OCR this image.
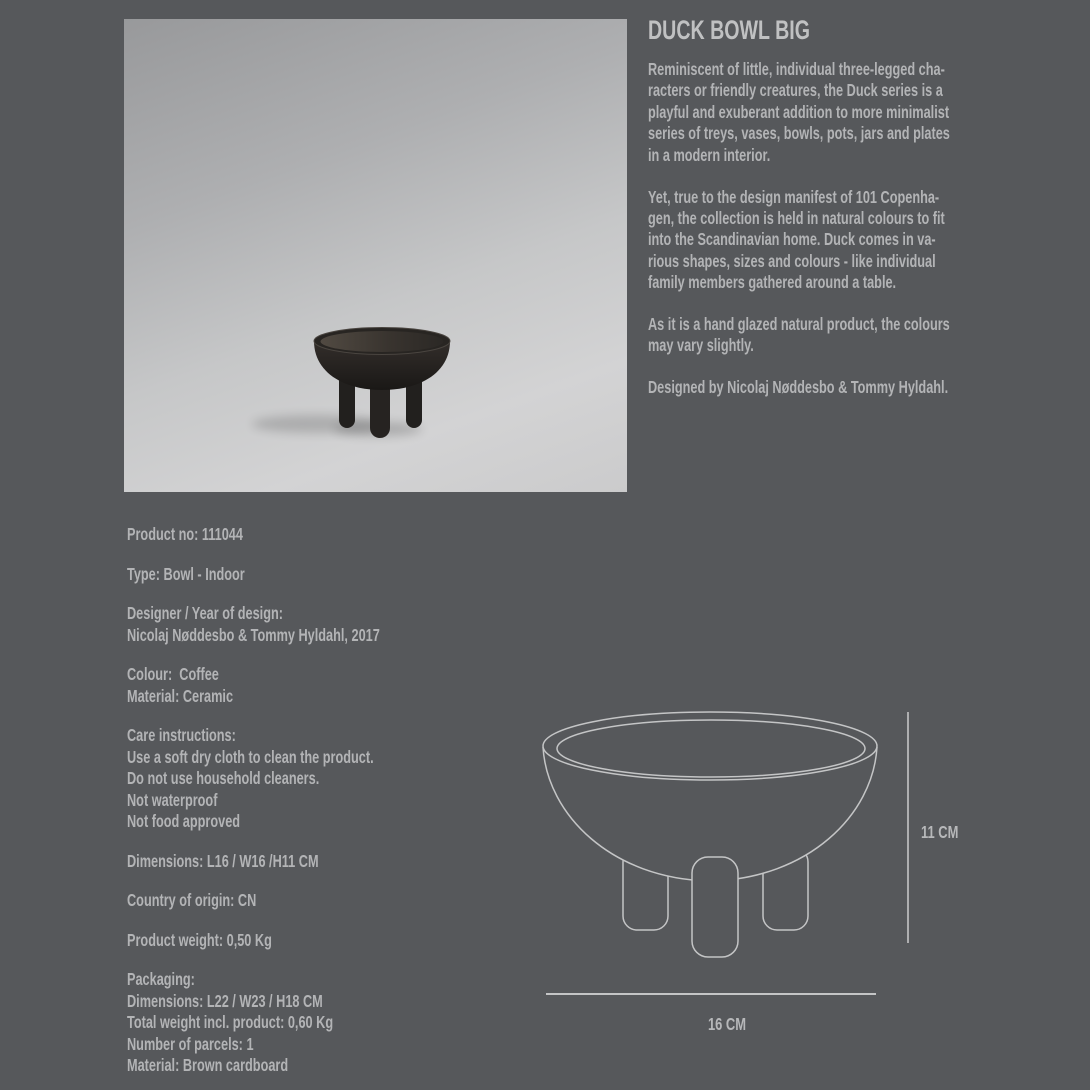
DUCK BOWL BIG
Reminiscent of little, individual three-legged cha-
racters or friendly creatures, the Duck series is a
playful and exuberant addition to more minimalist
series of treys, vases, bowls, pots, jars and plates
in a modern interior.
Yet, true to the design manifest of 101 Copenha-
gen, the collection is held in natural colours to fit
into the Scandinavian home. Duck comes in va-
rious shapes, sizes and colours - like individual
family members gathered around a table.
As it is a hand glazed natural product, the colours
may vary slightly.
Designed by Nicolaj Nøddesbo & Tommy Hyldahl.
Product no: 111044
Type: Bowl - Indoor
Designer / Year of design:
Nicolaj Nøddesbo & Tommy Hyldahl, 2017
Colour:  Coffee
Material: Ceramic
Care instructions:
Use a soft dry cloth to clean the product.
Do not use household cleaners.
Not waterproof
Not food approved
Dimensions: L16 / W16 /H11 CM
Country of origin: CN
Product weight: 0,50 Kg
Packaging:
Dimensions: L22 / W23 / H18 CM
Total weight incl. product: 0,60 Kg
Number of parcels: 1
Material: Brown cardboard
11 CM
16 CM
